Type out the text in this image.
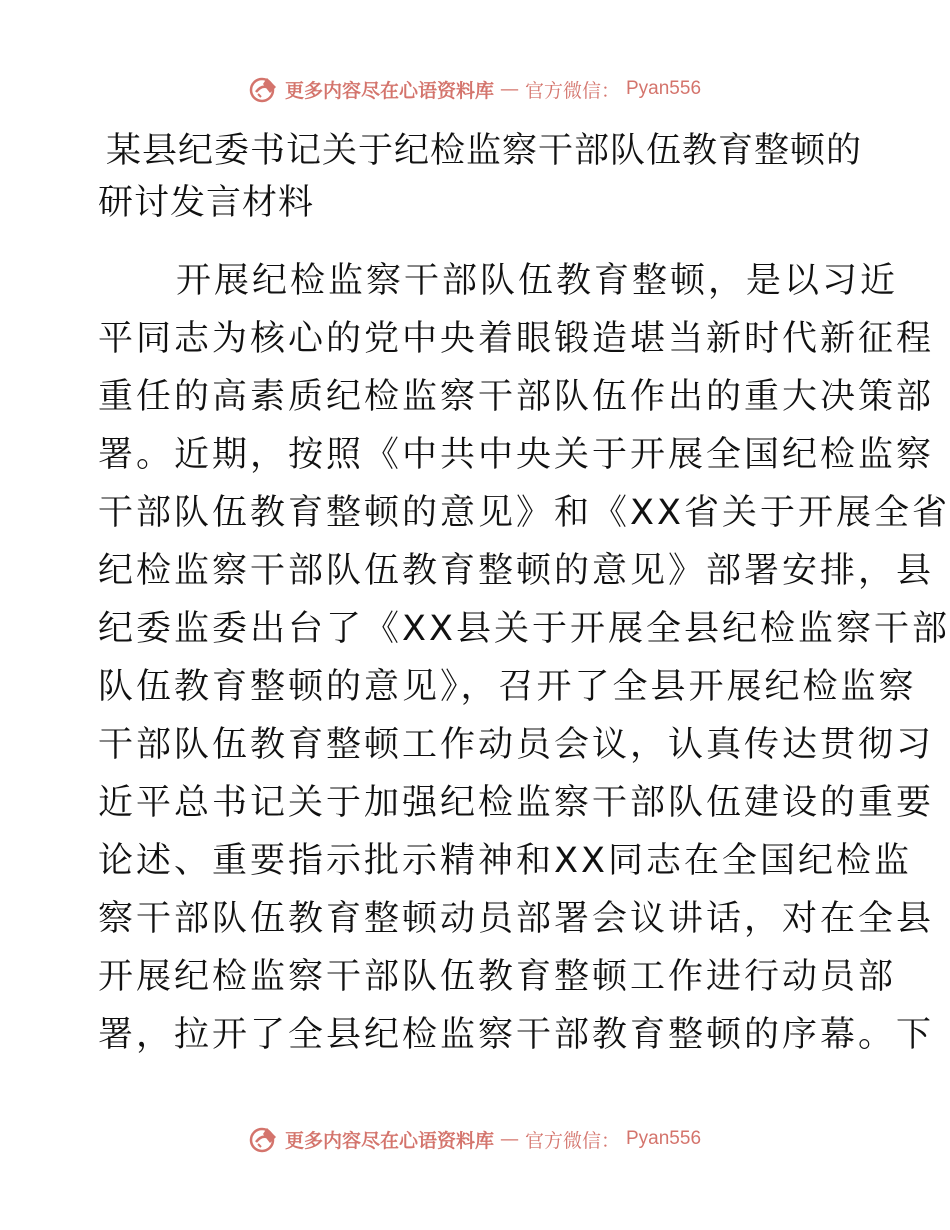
更多内容尽在心语资料库 — 官方微信： Pyan556
某县纪委书记关于纪检监察干部队伍教育整顿的
研讨发言材料
开展纪检监察干部队伍教育整顿，是以习近
平同志为核心的党中央着眼锻造堪当新时代新征程
重任的高素质纪检监察干部队伍作出的重大决策部
署。近期，按照《中共中央关于开展全国纪检监察
干部队伍教育整顿的意见》和《XX省关于开展全省
纪检监察干部队伍教育整顿的意见》部署安排，县
纪委监委出台了《XX县关于开展全县纪检监察干部
队伍教育整顿的意见》，召开了全县开展纪检监察
干部队伍教育整顿工作动员会议，认真传达贯彻习
近平总书记关于加强纪检监察干部队伍建设的重要
论述、重要指示批示精神和XX同志在全国纪检监
察干部队伍教育整顿动员部署会议讲话，对在全县
开展纪检监察干部队伍教育整顿工作进行动员部
署，拉开了全县纪检监察干部教育整顿的序幕。下
更多内容尽在心语资料库 — 官方微信： Pyan556
